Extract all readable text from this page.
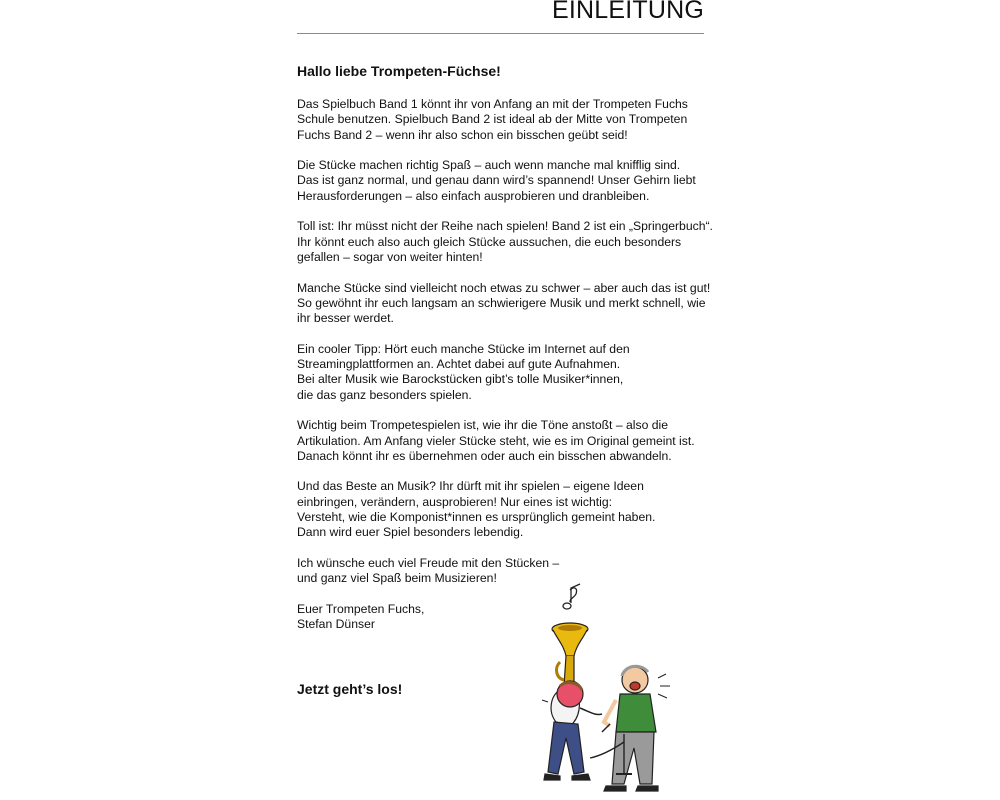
EINLEITUNG
Hallo liebe Trompeten-Füchse!
Das Spielbuch Band 1 könnt ihr von Anfang an mit der Trompeten Fuchs
Schule benutzen. Spielbuch Band 2 ist ideal ab der Mitte von Trompeten
Fuchs Band 2 – wenn ihr also schon ein bisschen geübt seid!
Die Stücke machen richtig Spaß – auch wenn manche mal knifflig sind.
Das ist ganz normal, und genau dann wird’s spannend! Unser Gehirn liebt
Herausforderungen – also einfach ausprobieren und dranbleiben.
Toll ist: Ihr müsst nicht der Reihe nach spielen! Band 2 ist ein „Springerbuch“.
Ihr könnt euch also auch gleich Stücke aussuchen, die euch besonders
gefallen – sogar von weiter hinten!
Manche Stücke sind vielleicht noch etwas zu schwer – aber auch das ist gut!
So gewöhnt ihr euch langsam an schwierigere Musik und merkt schnell, wie
ihr besser werdet.
Ein cooler Tipp: Hört euch manche Stücke im Internet auf den
Streamingplattformen an. Achtet dabei auf gute Aufnahmen.
Bei alter Musik wie Barockstücken gibt’s tolle Musiker*innen,
die das ganz besonders spielen.
Wichtig beim Trompetespielen ist, wie ihr die Töne anstoßt – also die
Artikulation. Am Anfang vieler Stücke steht, wie es im Original gemeint ist.
Danach könnt ihr es übernehmen oder auch ein bisschen abwandeln.
Und das Beste an Musik? Ihr dürft mit ihr spielen – eigene Ideen
einbringen, verändern, ausprobieren! Nur eines ist wichtig:
Versteht, wie die Komponist*innen es ursprünglich gemeint haben.
Dann wird euer Spiel besonders lebendig.
Ich wünsche euch viel Freude mit den Stücken –
und ganz viel Spaß beim Musizieren!
Euer Trompeten Fuchs,
Stefan Dünser
Jetzt geht’s los!
